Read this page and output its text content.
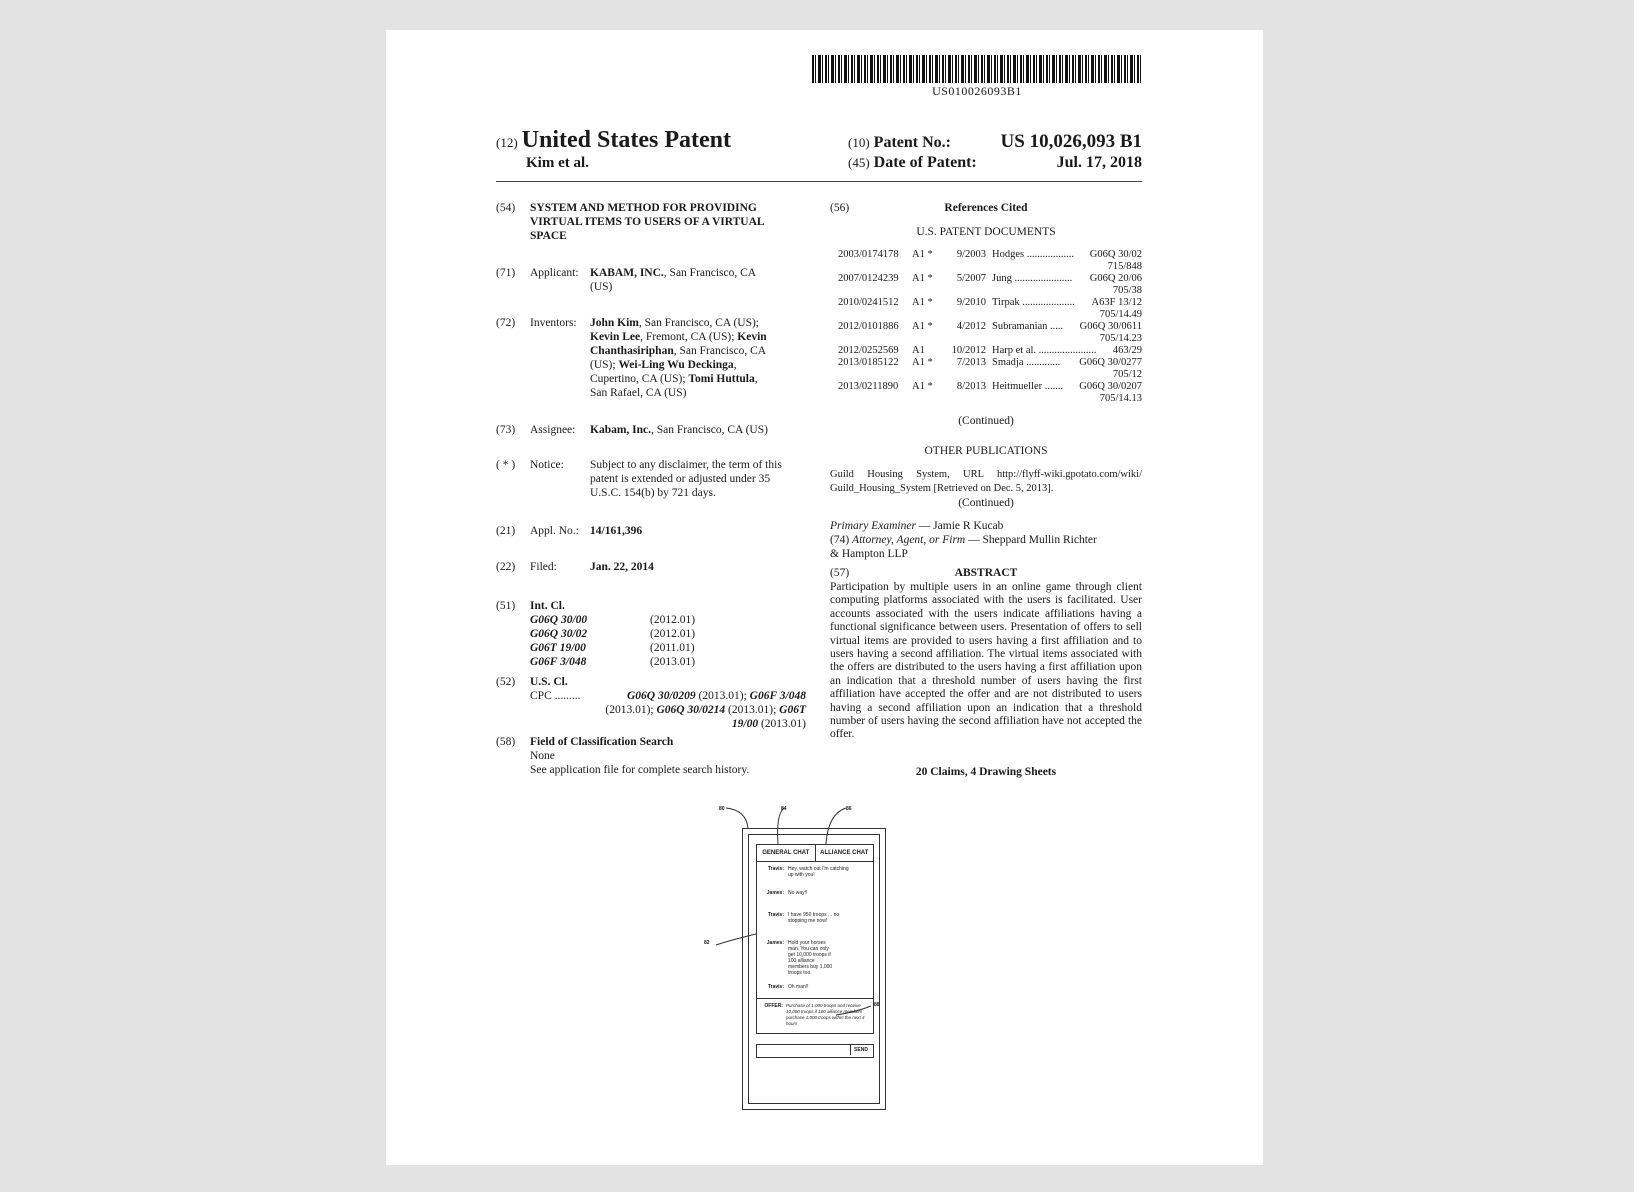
US010026093B1
(12) United States Patent
Kim et al.
(10) Patent No.:	US 10,026,093 B1
(45) Date of Patent:	Jul. 17, 2018
(54)	SYSTEM AND METHOD FOR PROVIDING
VIRTUAL ITEMS TO USERS OF A VIRTUAL
SPACE
(71)	Applicant: KABAM, INC., San Francisco, CA
(US)
(72)	Inventors:	John Kim, San Francisco, CA (US);
Kevin Lee, Fremont, CA (US); Kevin
Chanthasiriphan, San Francisco, CA
(US); Wei-Ling Wu Deckinga,
Cupertino, CA (US); Tomi Huttula,
San Rafael, CA (US)
(73)	Assignee:	Kabam, Inc., San Francisco, CA (US)
( * )	Notice:	Subject to any disclaimer, the term of this
patent is extended or adjusted under 35
U.S.C. 154(b) by 721 days.
(21)	Appl. No.: 14/161,396
(22)	Filed:	Jan. 22, 2014
(51)	Int. Cl.
G06Q 30/00	(2012.01)
G06Q 30/02	(2012.01)
G06T 19/00	(2011.01)
G06F 3/048	(2013.01)
(52)	U.S. Cl.
CPC .........	G06Q 30/0209 (2013.01); G06F 3/048
(2013.01); G06Q 30/0214 (2013.01); G06T
19/00 (2013.01)
(58)	Field of Classification Search
None
See application file for complete search history.
(56)	References Cited
U.S. PATENT DOCUMENTS
(Continued)
OTHER PUBLICATIONS
Guild Housing System, URL http://flyff-wiki.gpotato.com/wiki/
Guild_Housing_System [Retrieved on Dec. 5, 2013].
(Continued)
Primary Examiner — Jamie R Kucab
(74) Attorney, Agent, or Firm — Sheppard Mullin Richter
& Hampton LLP
(57)	ABSTRACT
Participation by multiple users in an online game through client computing platforms associated with the users is facilitated. User accounts associated with the users indicate affiliations having a functional significance between users. Presentation of offers to sell virtual items are provided to users having a first affiliation and to users having a second affiliation. The virtual items associated with the offers are distributed to the users having a first affiliation upon an indication that a threshold number of users having the first affiliation have accepted the offer and are not distributed to users having a second affiliation upon an indication that a threshold number of users having the second affiliation have not accepted the offer.
20 Claims, 4 Drawing Sheets
80	84	86
82
88
GENERAL CHAT	ALLIANCE CHAT
Travis: Hey, watch out I'm catching up with you!
James: No way!!
Travis: I have 950 troops ... no stopping me now!
James: Hold your horses man. You can only get 10,000 troops if 100 alliance members buy 1,000 troops too.
Travis: Oh man!!
OFFER: Purchase of 1,000 troops and receive 10,000 troops if 100 alliance members purchase 1,000 troops within the next 4 hours
SEND
2003/0174178	A1 *	9/2003 Hodges ..................	G06Q 30/02
715/848
2007/0124239	A1 *	5/2007 Jung ......................	G06Q 20/06
705/38
2010/0241512	A1 *	9/2010 Tirpak ....................	A63F 13/12
705/14.49
2012/0101886	A1 *	4/2012 Subramanian .....	G06Q 30/0611
705/14.23
2012/0252569	A1	10/2012 Harp et al. ......................	463/29
2013/0185122	A1 *	7/2013 Smadja .............	G06Q 30/0277
705/12
2013/0211890	A1 *	8/2013 Heitmueller .......	G06Q 30/0207
705/14.13
